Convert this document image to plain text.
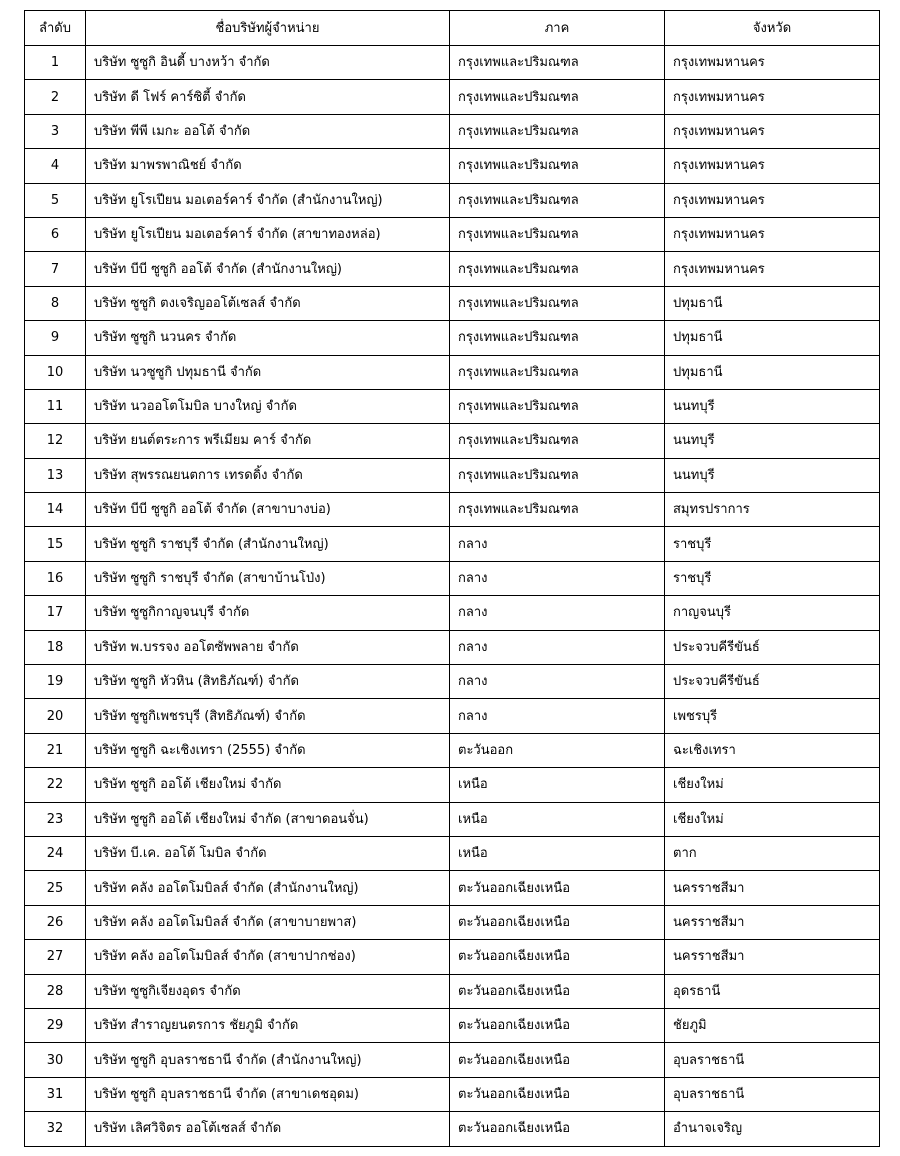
ลำดับ	ชื่อบริษัทผู้จำหน่าย	ภาค	จังหวัด
1	บริษัท ซูซูกิ อินดี้ บางหว้า จำกัด	กรุงเทพและปริมณฑล	กรุงเทพมหานคร
2	บริษัท ดี โฟร์ คาร์ซิตี้ จำกัด	กรุงเทพและปริมณฑล	กรุงเทพมหานคร
3	บริษัท พีพี เมกะ ออโต้ จำกัด	กรุงเทพและปริมณฑล	กรุงเทพมหานคร
4	บริษัท มาพรพาณิชย์ จำกัด	กรุงเทพและปริมณฑล	กรุงเทพมหานคร
5	บริษัท ยูโรเปียน มอเตอร์คาร์ จำกัด (สำนักงานใหญ่)	กรุงเทพและปริมณฑล	กรุงเทพมหานคร
6	บริษัท ยูโรเปียน มอเตอร์คาร์ จำกัด (สาขาทองหล่อ)	กรุงเทพและปริมณฑล	กรุงเทพมหานคร
7	บริษัท บีบี ซูซูกิ ออโต้ จำกัด (สำนักงานใหญ่)	กรุงเทพและปริมณฑล	กรุงเทพมหานคร
8	บริษัท ซูซูกิ ตงเจริญออโต้เซลส์ จำกัด	กรุงเทพและปริมณฑล	ปทุมธานี
9	บริษัท ซูซูกิ นวนคร จำกัด	กรุงเทพและปริมณฑล	ปทุมธานี
10	บริษัท นวซูซูกิ ปทุมธานี จำกัด	กรุงเทพและปริมณฑล	ปทุมธานี
11	บริษัท นวออโตโมบิล บางใหญ่ จำกัด	กรุงเทพและปริมณฑล	นนทบุรี
12	บริษัท ยนต์ตระการ พรีเมียม คาร์ จำกัด	กรุงเทพและปริมณฑล	นนทบุรี
13	บริษัท สุพรรณยนตการ เทรดดิ้ง จำกัด	กรุงเทพและปริมณฑล	นนทบุรี
14	บริษัท บีบี ซูซูกิ ออโต้ จำกัด (สาขาบางบ่อ)	กรุงเทพและปริมณฑล	สมุทรปราการ
15	บริษัท ซูซูกิ ราชบุรี จำกัด (สำนักงานใหญ่)	กลาง	ราชบุรี
16	บริษัท ซูซูกิ ราชบุรี จำกัด (สาขาบ้านโป่ง)	กลาง	ราชบุรี
17	บริษัท ซูซูกิกาญจนบุรี จำกัด	กลาง	กาญจนบุรี
18	บริษัท พ.บรรจง ออโตซัพพลาย จำกัด	กลาง	ประจวบคีรีขันธ์
19	บริษัท ซูซูกิ หัวหิน (สิทธิภัณฑ์) จำกัด	กลาง	ประจวบคีรีขันธ์
20	บริษัท ซูซูกิเพชรบุรี (สิทธิภัณฑ์) จำกัด	กลาง	เพชรบุรี
21	บริษัท ซูซูกิ ฉะเชิงเทรา (2555) จำกัด	ตะวันออก	ฉะเชิงเทรา
22	บริษัท ซูซูกิ ออโต้ เชียงใหม่ จำกัด	เหนือ	เชียงใหม่
23	บริษัท ซูซูกิ ออโต้ เชียงใหม่ จำกัด (สาขาดอนจั่น)	เหนือ	เชียงใหม่
24	บริษัท บี.เค. ออโต้ โมบิล จำกัด	เหนือ	ตาก
25	บริษัท คลัง ออโตโมบิลส์ จำกัด (สำนักงานใหญ่)	ตะวันออกเฉียงเหนือ	นครราชสีมา
26	บริษัท คลัง ออโตโมบิลส์ จำกัด (สาขาบายพาส)	ตะวันออกเฉียงเหนือ	นครราชสีมา
27	บริษัท คลัง ออโตโมบิลส์ จำกัด (สาขาปากช่อง)	ตะวันออกเฉียงเหนือ	นครราชสีมา
28	บริษัท ซูซูกิเจียงอุดร จำกัด	ตะวันออกเฉียงเหนือ	อุดรธานี
29	บริษัท สำราญยนตรการ ชัยภูมิ จำกัด	ตะวันออกเฉียงเหนือ	ชัยภูมิ
30	บริษัท ซูซูกิ อุบลราชธานี จำกัด (สำนักงานใหญ่)	ตะวันออกเฉียงเหนือ	อุบลราชธานี
31	บริษัท ซูซูกิ อุบลราชธานี จำกัด (สาขาเดชอุดม)	ตะวันออกเฉียงเหนือ	อุบลราชธานี
32	บริษัท เลิศวิจิตร ออโต้เซลส์ จำกัด	ตะวันออกเฉียงเหนือ	อำนาจเจริญ
